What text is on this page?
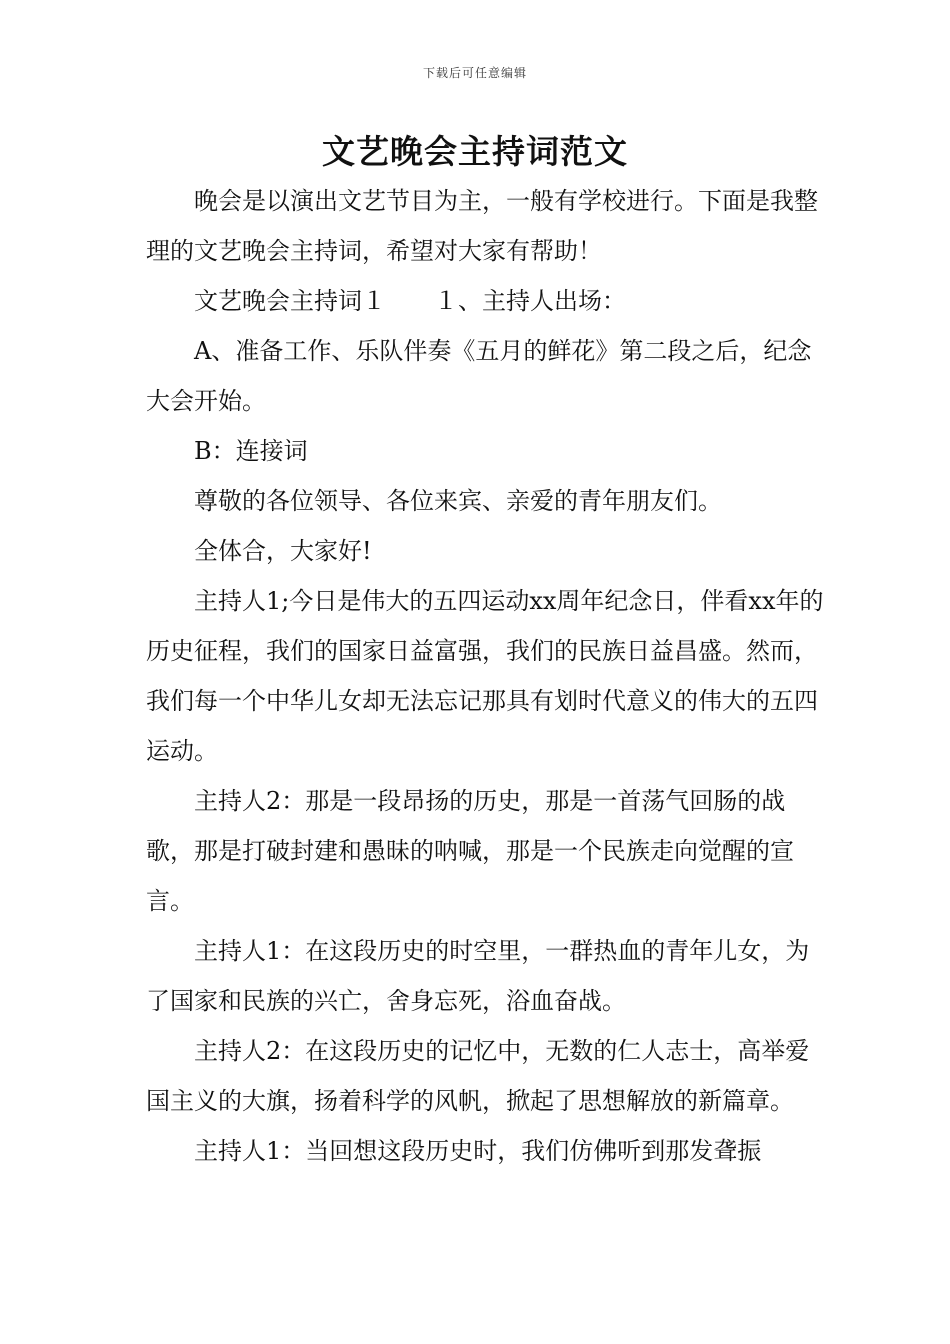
下载后可任意编辑
文艺晚会主持词范文

晚会是以演出文艺节目为主，一般有学校进行。下面是我整理的文艺晚会主持词，希望对大家有帮助！

文艺晚会主持词１　　１、主持人出场：

A、准备工作、乐队伴奏《五月的鲜花》第二段之后，纪念大会开始。

B：连接词

尊敬的各位领导、各位来宾、亲爱的青年朋友们。

全体合，大家好!

主持人1;今日是伟大的五四运动xx周年纪念日，伴看xx年的历史征程，我们的国家日益富强，我们的民族日益昌盛。然而，我们每一个中华儿女却无法忘记那具有划时代意义的伟大的五四运动。

主持人2：那是一段昂扬的历史，那是一首荡气回肠的战歌，那是打破封建和愚昧的呐喊，那是一个民族走向觉醒的宣言。

主持人1：在这段历史的时空里，一群热血的青年儿女，为了国家和民族的兴亡，舍身忘死，浴血奋战。

主持人2：在这段历史的记忆中，无数的仁人志士，高举爱国主义的大旗，扬着科学的风帆，掀起了思想解放的新篇章。

主持人1：当回想这段历史时，我们仿佛听到那发聋振
